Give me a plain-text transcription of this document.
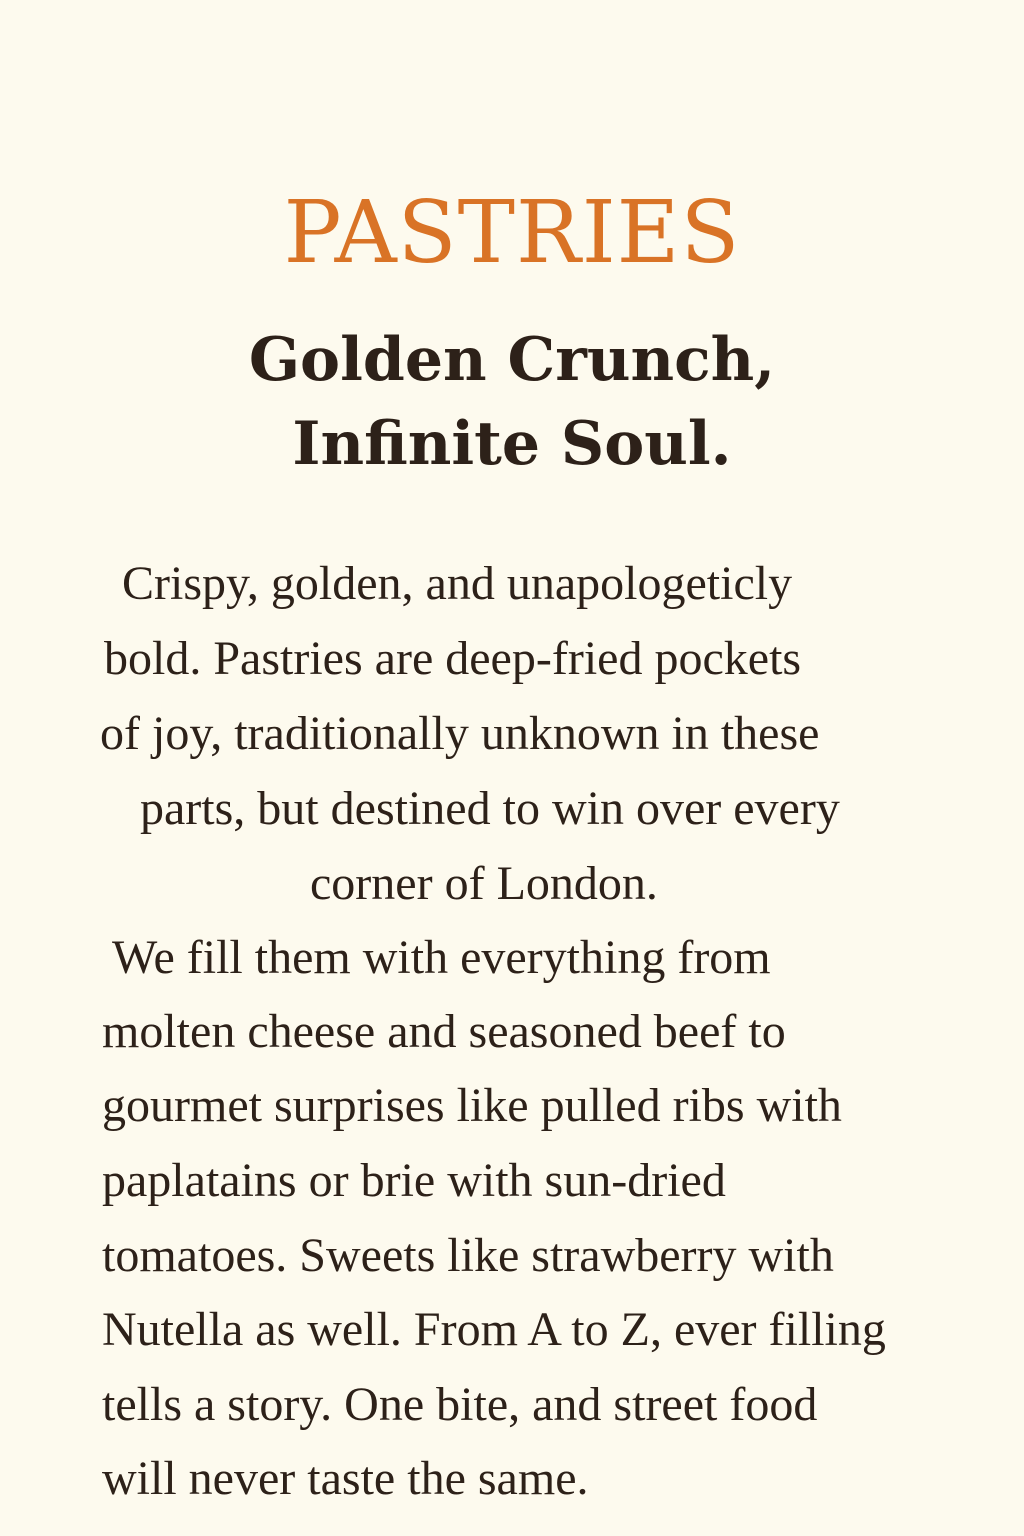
PASTRIES
Golden Crunch,
Infinite Soul.
Crispy, golden, and unapologeticly
bold. Pastries are deep-fried pockets
of joy, traditionally unknown in these
parts, but destined to win over every
corner of London.
We fill them with everything from
molten cheese and seasoned beef to
gourmet surprises like pulled ribs with
paplatains or brie with sun-dried
tomatoes. Sweets like strawberry with
Nutella as well. From A to Z, ever filling
tells a story. One bite, and street food
will never taste the same.
